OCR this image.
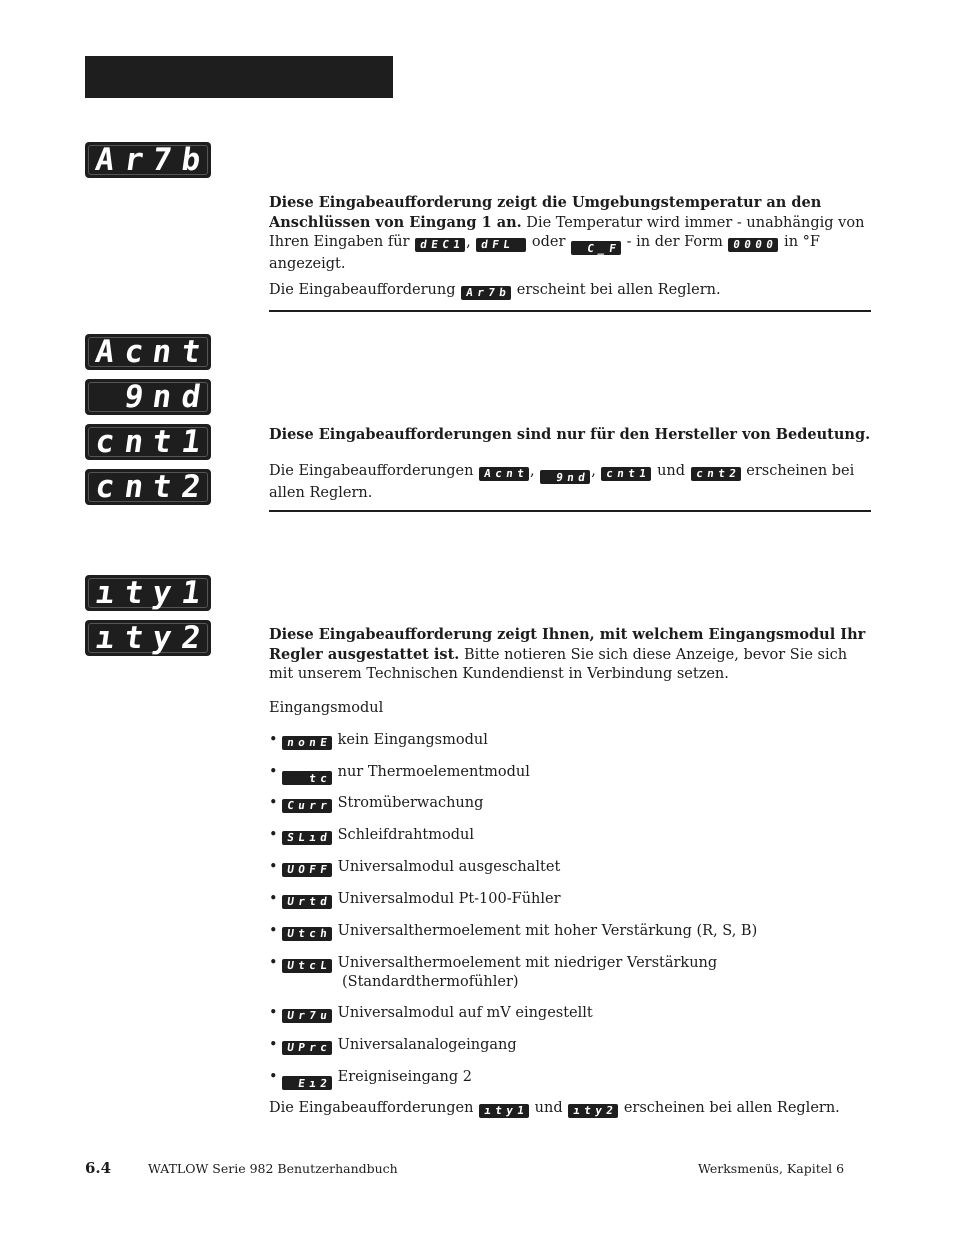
A r 7 b
A c n t
9 n d
c n t 1
c n t 2
ı t y 1
ı t y 2

Diese Eingabeaufforderung zeigt die Umgebungstemperatur an den Anschlüssen von Eingang 1 an. Die Temperatur wird immer - unabhängig von Ihren Eingaben für d E C 1 , d F L oder C _ F - in der Form 0 0 0 0 in °F angezeigt.

Die Eingabeaufforderung A r 7 b erscheint bei allen Reglern.

Diese Eingabeaufforderungen sind nur für den Hersteller von Bedeutung.

Die Eingabeaufforderungen A c n t , 9 n d , c n t 1 und c n t 2 erscheinen bei allen Reglern.

Diese Eingabeaufforderung zeigt Ihnen, mit welchem Eingangsmodul Ihr Regler ausgestattet ist. Bitte notieren Sie sich diese Anzeige, bevor Sie sich mit unserem Technischen Kundendienst in Verbindung setzen.

Eingangsmodul
• n o n E kein Eingangsmodul
•	t c nur Thermoelementmodul
• C u r r Stromüberwachung
• S L ı d Schleifdrahtmodul
• U O F F Universalmodul ausgeschaltet
• U r t d Universalmodul Pt-100-Fühler
• U t c h Universalthermoelement mit hoher Verstärkung (R, S, B)
• U t c L Universalthermoelement mit niedriger Verstärkung
(Standardthermofühler)
• U r 7 u Universalmodul auf mV eingestellt
• U P r c Universalanalogeingang
• E ı 2 Ereigniseingang 2

Die Eingabeaufforderungen ı t y 1 und ı t y 2 erscheinen bei allen Reglern.

6.4	WATLOW Serie 982 Benutzerhandbuch	Werksmenüs, Kapitel 6
